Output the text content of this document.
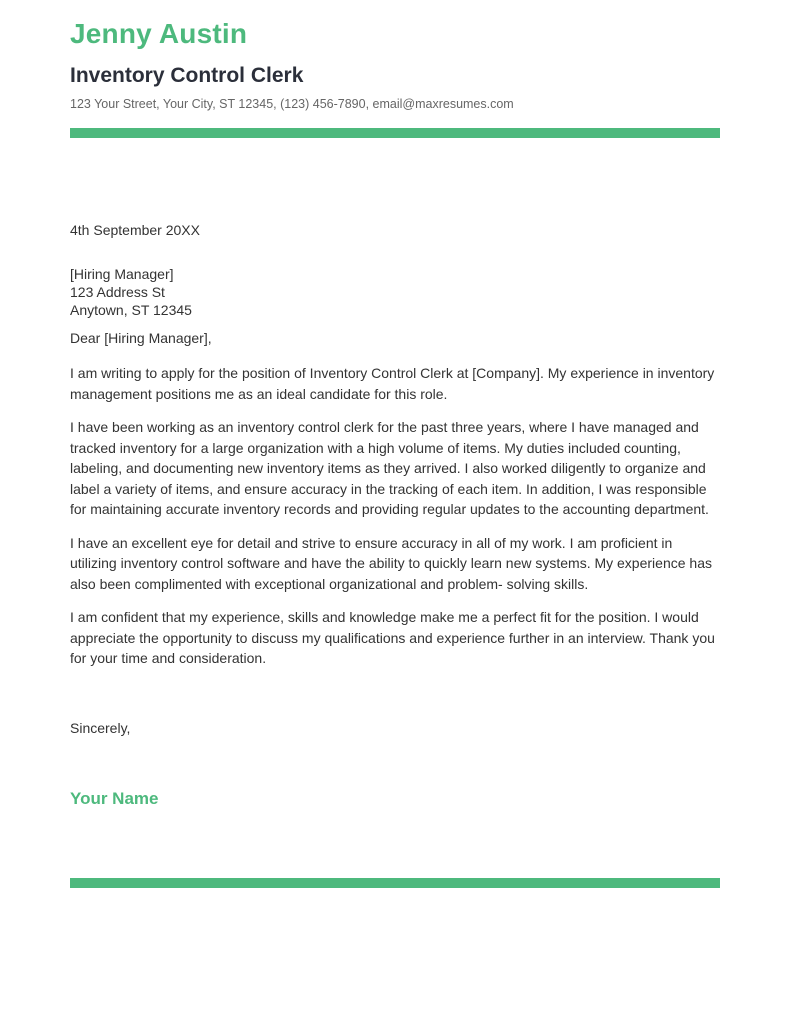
Jenny Austin
Inventory Control Clerk
123 Your Street, Your City, ST 12345, (123) 456-7890, email@maxresumes.com
4th September 20XX
[Hiring Manager]
123 Address St
Anytown, ST 12345
Dear [Hiring Manager],

I am writing to apply for the position of Inventory Control Clerk at [Company]. My experience in inventory management positions me as an ideal candidate for this role.

I have been working as an inventory control clerk for the past three years, where I have managed and tracked inventory for a large organization with a high volume of items. My duties included counting, labeling, and documenting new inventory items as they arrived. I also worked diligently to organize and label a variety of items, and ensure accuracy in the tracking of each item. In addition, I was responsible for maintaining accurate inventory records and providing regular updates to the accounting department.

I have an excellent eye for detail and strive to ensure accuracy in all of my work. I am proficient in utilizing inventory control software and have the ability to quickly learn new systems. My experience has also been complimented with exceptional organizational and problem- solving skills.

I am confident that my experience, skills and knowledge make me a perfect fit for the position. I would appreciate the opportunity to discuss my qualifications and experience further in an interview. Thank you for your time and consideration.

Sincerely,
Your Name
